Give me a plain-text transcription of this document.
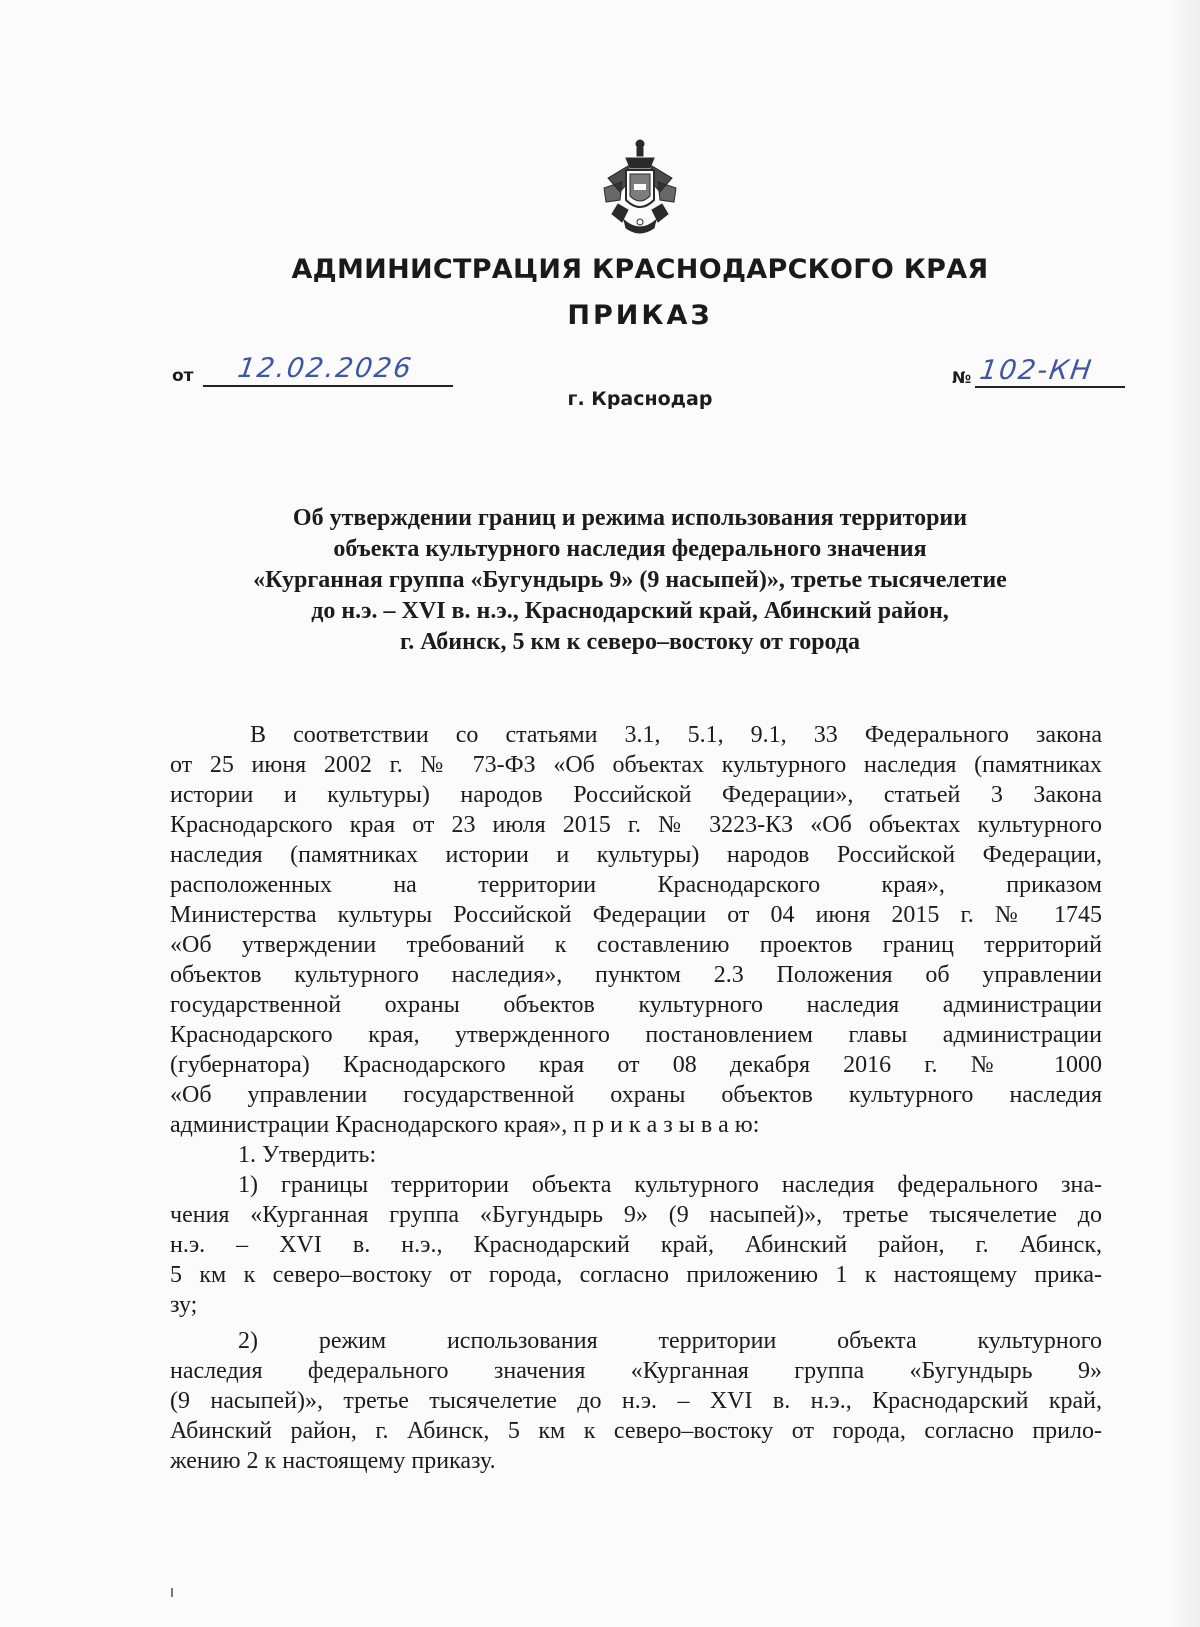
АДМИНИСТРАЦИЯ КРАСНОДАРСКОГО КРАЯ
ПРИКАЗ
от 12.02.2026
г. Краснодар
№ 102-КН
Об утверждении границ и режима использования территории
объекта культурного наследия федерального значения
«Курганная группа «Бугундырь 9» (9 насыпей)», третье тысячелетие
до н.э. – XVI в. н.э., Краснодарский край, Абинский район,
г. Абинск, 5 км к северо–востоку от города
В соответствии со статьями 3.1, 5.1, 9.1, 33 Федерального закона
от 25 июня 2002 г. № 73-ФЗ «Об объектах культурного наследия (памятниках
истории и культуры) народов Российской Федерации», статьей 3 Закона
Краснодарского края от 23 июля 2015 г. № 3223-КЗ «Об объектах культурного
наследия (памятниках истории и культуры) народов Российской Федерации,
расположенных на территории Краснодарского края», приказом
Министерства культуры Российской Федерации от 04 июня 2015 г. № 1745
«Об утверждении требований к составлению проектов границ территорий
объектов культурного наследия», пунктом 2.3 Положения об управлении
государственной охраны объектов культурного наследия администрации
Краснодарского края, утвержденного постановлением главы администрации
(губернатора) Краснодарского края от 08 декабря 2016 г. № 1000
«Об управлении государственной охраны объектов культурного наследия
администрации Краснодарского края», п р и к а з ы в а ю:
1. Утвердить:
1) границы территории объекта культурного наследия федерального зна-
чения «Курганная группа «Бугундырь 9» (9 насыпей)», третье тысячелетие до
н.э. – XVI в. н.э., Краснодарский край, Абинский район, г. Абинск,
5 км к северо–востоку от города, согласно приложению 1 к настоящему прика-
зу;
2) режим использования территории объекта культурного
наследия федерального значения «Курганная группа «Бугундырь 9»
(9 насыпей)», третье тысячелетие до н.э. – XVI в. н.э., Краснодарский край,
Абинский район, г. Абинск, 5 км к северо–востоку от города, согласно прило-
жению 2 к настоящему приказу.
